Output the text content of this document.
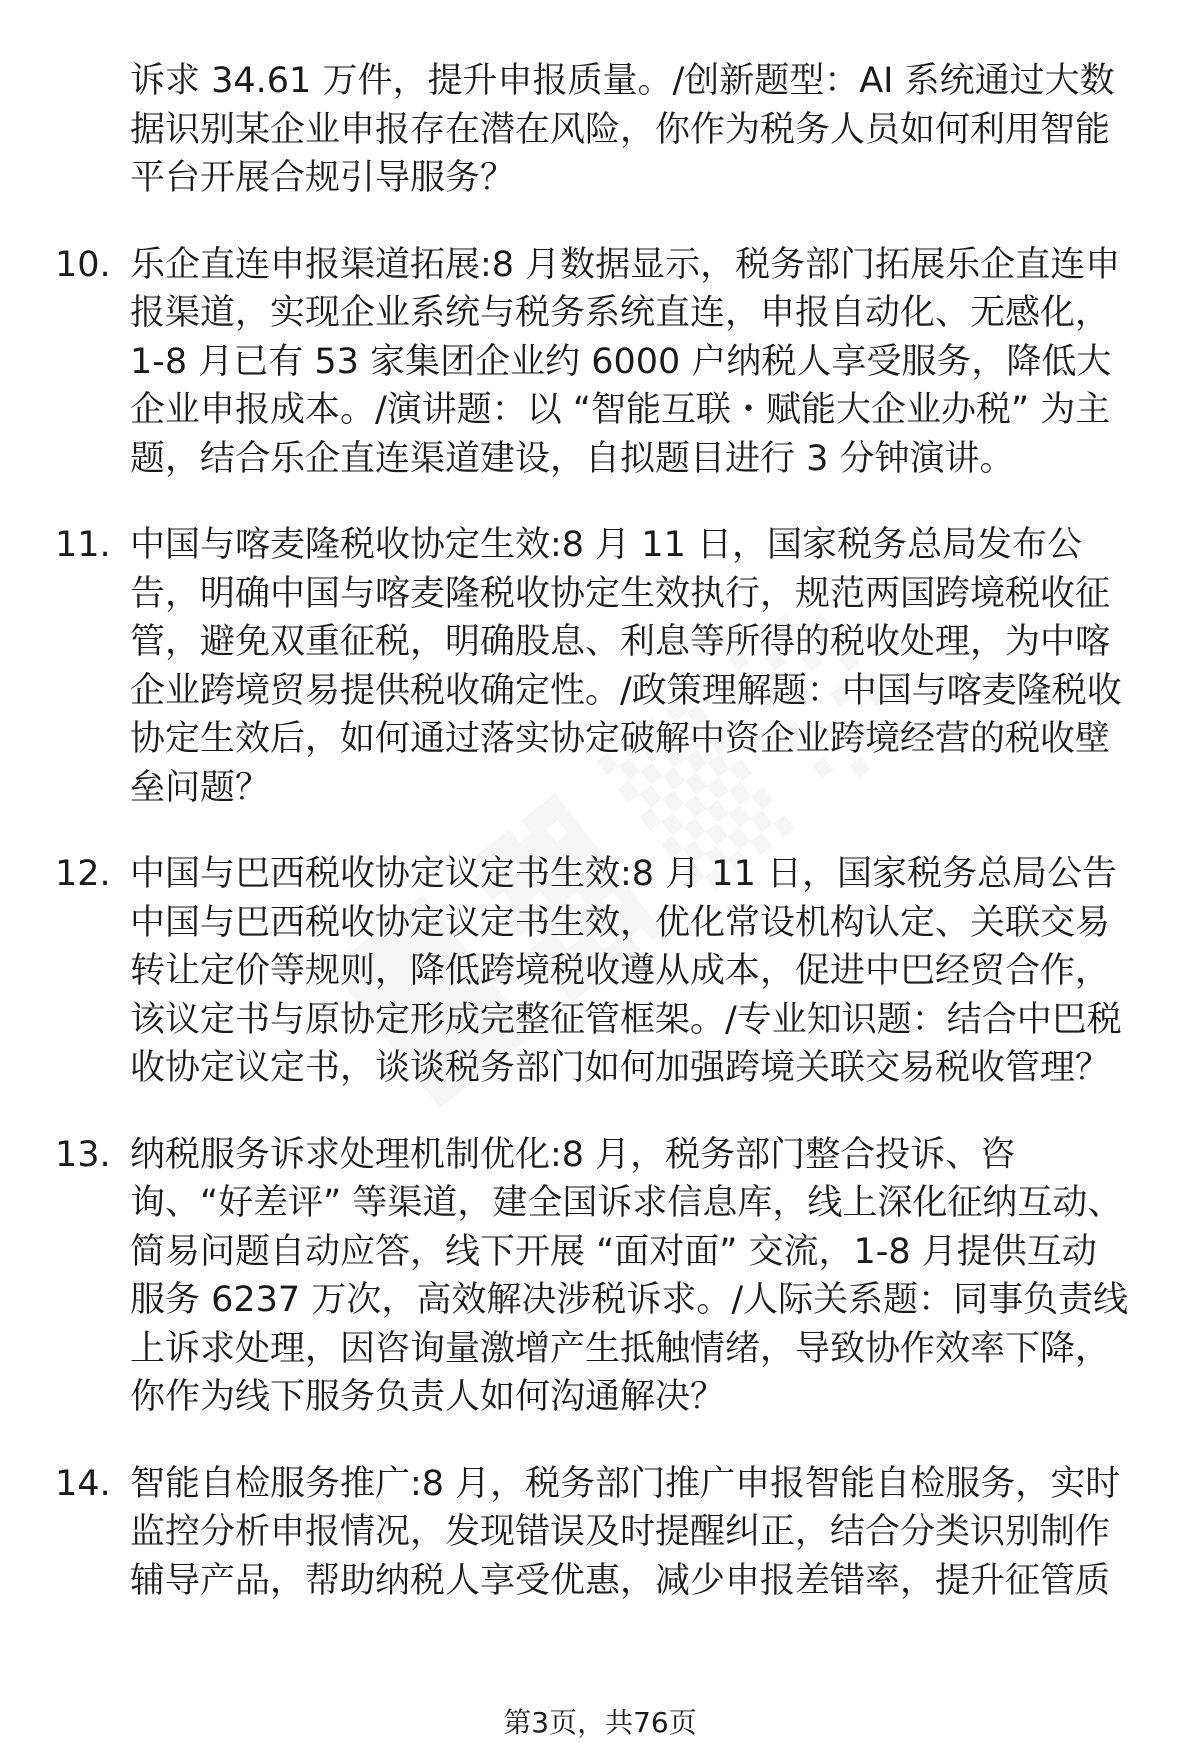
诉求 34.61 万件，提升申报质量。/创新题型：AI 系统通过大数据识别某企业申报存在潜在风险，你作为税务人员如何利用智能平台开展合规引导服务？

10. 乐企直连申报渠道拓展:8 月数据显示，税务部门拓展乐企直连申报渠道，实现企业系统与税务系统直连，申报自动化、无感化，1-8 月已有 53 家集团企业约 6000 户纳税人享受服务，降低大企业申报成本。/演讲题：以 “智能互联・赋能大企业办税” 为主题，结合乐企直连渠道建设，自拟题目进行 3 分钟演讲。
11. 中国与喀麦隆税收协定生效:8 月 11 日，国家税务总局发布公告，明确中国与喀麦隆税收协定生效执行，规范两国跨境税收征管，避免双重征税，明确股息、利息等所得的税收处理，为中喀企业跨境贸易提供税收确定性。/政策理解题：中国与喀麦隆税收协定生效后，如何通过落实协定破解中资企业跨境经营的税收壁垒问题？
12. 中国与巴西税收协定议定书生效:8 月 11 日，国家税务总局公告中国与巴西税收协定议定书生效，优化常设机构认定、关联交易转让定价等规则，降低跨境税收遵从成本，促进中巴经贸合作，该议定书与原协定形成完整征管框架。/专业知识题：结合中巴税收协定议定书，谈谈税务部门如何加强跨境关联交易税收管理？
13. 纳税服务诉求处理机制优化:8 月，税务部门整合投诉、咨询、“好差评” 等渠道，建全国诉求信息库，线上深化征纳互动、简易问题自动应答，线下开展 “面对面” 交流，1-8 月提供互动服务 6237 万次，高效解决涉税诉求。/人际关系题：同事负责线上诉求处理，因咨询量激增产生抵触情绪，导致协作效率下降，你作为线下服务负责人如何沟通解决？
14. 智能自检服务推广:8 月，税务部门推广申报智能自检服务，实时监控分析申报情况，发现错误及时提醒纠正，结合分类识别制作辅导产品，帮助纳税人享受优惠，减少申报差错率，提升征管质
第3页，共76页
